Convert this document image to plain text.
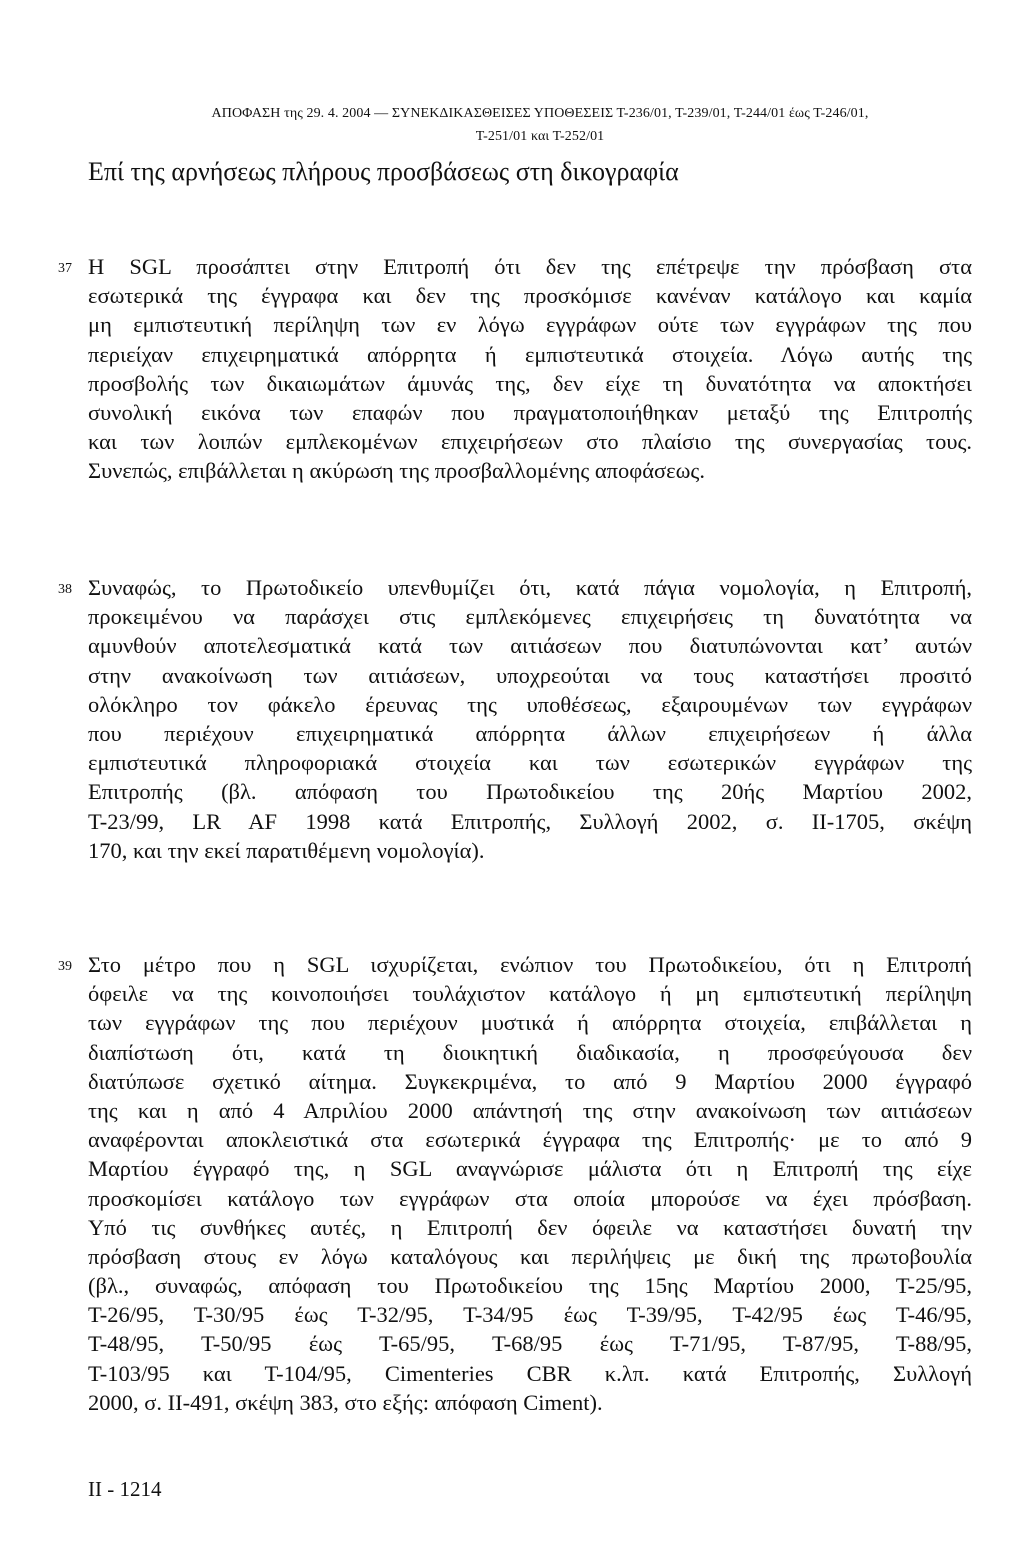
ΑΠΟΦΑΣΗ της 29. 4. 2004 — ΣΥΝΕΚΔΙΚΑΣΘΕΙΣΕΣ ΥΠΟΘΕΣΕΙΣ Τ-236/01, Τ-239/01, Τ-244/01 έως Τ-246/01,
Τ-251/01 και Τ-252/01
Επί της αρνήσεως πλήρους προσβάσεως στη δικογραφία
37 Η SGL προσάπτει στην Επιτροπή ότι δεν της επέτρεψε την πρόσβαση στα
εσωτερικά της έγγραφα και δεν της προσκόμισε κανέναν κατάλογο και καμία
μη εμπιστευτική περίληψη των εν λόγω εγγράφων ούτε των εγγράφων της που
περιείχαν επιχειρηματικά απόρρητα ή εμπιστευτικά στοιχεία. Λόγω αυτής της
προσβολής των δικαιωμάτων άμυνάς της, δεν είχε τη δυνατότητα να αποκτήσει
συνολική εικόνα των επαφών που πραγματοποιήθηκαν μεταξύ της Επιτροπής
και των λοιπών εμπλεκομένων επιχειρήσεων στο πλαίσιο της συνεργασίας τους.
Συνεπώς, επιβάλλεται η ακύρωση της προσβαλλομένης αποφάσεως.
38 Συναφώς, το Πρωτοδικείο υπενθυμίζει ότι, κατά πάγια νομολογία, η Επιτροπή,
προκειμένου να παράσχει στις εμπλεκόμενες επιχειρήσεις τη δυνατότητα να
αμυνθούν αποτελεσματικά κατά των αιτιάσεων που διατυπώνονται κατ’ αυτών
στην ανακοίνωση των αιτιάσεων, υποχρεούται να τους καταστήσει προσιτό
ολόκληρο τον φάκελο έρευνας της υποθέσεως, εξαιρουμένων των εγγράφων
που περιέχουν επιχειρηματικά απόρρητα άλλων επιχειρήσεων ή άλλα
εμπιστευτικά πληροφοριακά στοιχεία και των εσωτερικών εγγράφων της
Επιτροπής (βλ. απόφαση του Πρωτοδικείου της 20ής Μαρτίου 2002,
Τ-23/99, LR AF 1998 κατά Επιτροπής, Συλλογή 2002, σ. ΙΙ-1705, σκέψη
170, και την εκεί παρατιθέμενη νομολογία).
39 Στο μέτρο που η SGL ισχυρίζεται, ενώπιον του Πρωτοδικείου, ότι η Επιτροπή
όφειλε να της κοινοποιήσει τουλάχιστον κατάλογο ή μη εμπιστευτική περίληψη
των εγγράφων της που περιέχουν μυστικά ή απόρρητα στοιχεία, επιβάλλεται η
διαπίστωση ότι, κατά τη διοικητική διαδικασία, η προσφεύγουσα δεν
διατύπωσε σχετικό αίτημα. Συγκεκριμένα, το από 9 Μαρτίου 2000 έγγραφό
της και η από 4 Απριλίου 2000 απάντησή της στην ανακοίνωση των αιτιάσεων
αναφέρονται αποκλειστικά στα εσωτερικά έγγραφα της Επιτροπής· με το από 9
Μαρτίου έγγραφό της, η SGL αναγνώρισε μάλιστα ότι η Επιτροπή της είχε
προσκομίσει κατάλογο των εγγράφων στα οποία μπορούσε να έχει πρόσβαση.
Υπό τις συνθήκες αυτές, η Επιτροπή δεν όφειλε να καταστήσει δυνατή την
πρόσβαση στους εν λόγω καταλόγους και περιλήψεις με δική της πρωτοβουλία
(βλ., συναφώς, απόφαση του Πρωτοδικείου της 15ης Μαρτίου 2000, Τ-25/95,
Τ-26/95, Τ-30/95 έως Τ-32/95, Τ-34/95 έως Τ-39/95, Τ-42/95 έως Τ-46/95,
Τ-48/95, Τ-50/95 έως Τ-65/95, Τ-68/95 έως Τ-71/95, Τ-87/95, Τ-88/95,
Τ-103/95 και Τ-104/95, Cimenteries CBR κ.λπ. κατά Επιτροπής, Συλλογή
2000, σ. ΙΙ-491, σκέψη 383, στο εξής: απόφαση Ciment).
II - 1214
